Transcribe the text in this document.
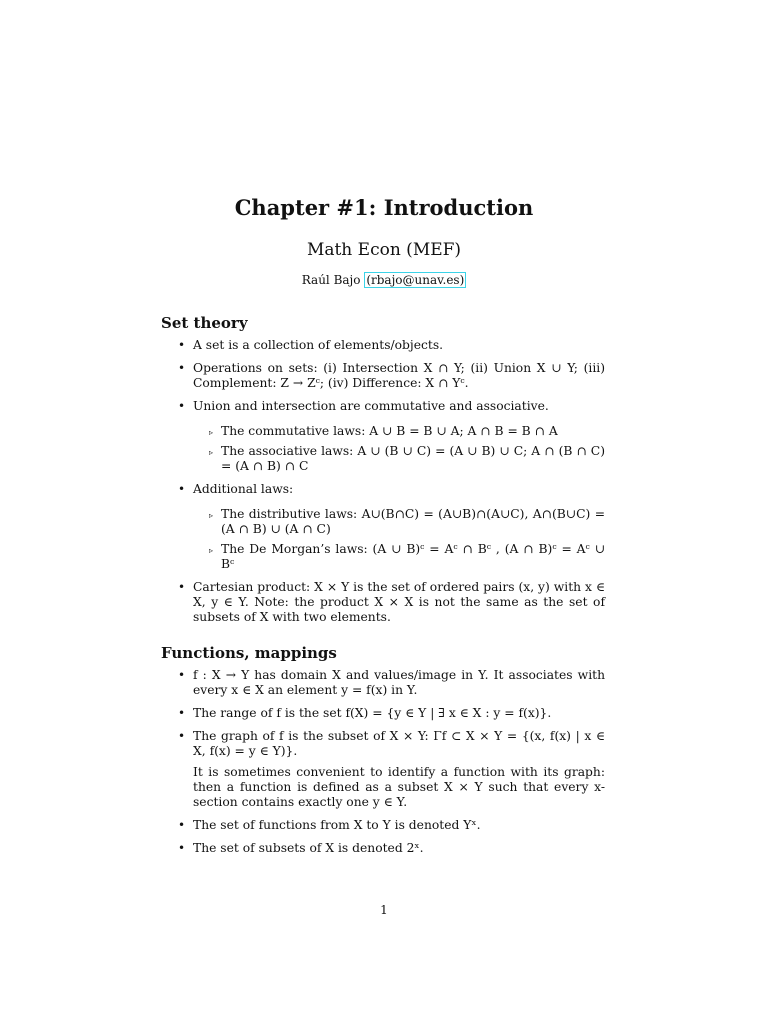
Chapter #1: Introduction
Math Econ (MEF)
Raúl Bajo (rbajo@unav.es)
Set theory
• A set is a collection of elements/objects.
• Operations on sets: (i) Intersection X ∩ Y; (ii) Union X ∪ Y; (iii) Complement: Z → Zᶜ; (iv) Difference: X ∩ Yᶜ.
• Union and intersection are commutative and associative.
▹ The commutative laws: A ∪ B = B ∪ A; A ∩ B = B ∩ A
▹ The associative laws: A ∪ (B ∪ C) = (A ∪ B) ∪ C; A ∩ (B ∩ C) = (A ∩ B) ∩ C
• Additional laws:
▹ The distributive laws: A∪(B∩C) = (A∪B)∩(A∪C), A∩(B∪C) = (A ∩ B) ∪ (A ∩ C)
▹ The De Morgan’s laws: (A ∪ B)ᶜ = Aᶜ ∩ Bᶜ , (A ∩ B)ᶜ = Aᶜ ∪ Bᶜ
• Cartesian product: X × Y is the set of ordered pairs (x, y) with x ∈ X, y ∈ Y. Note: the product X × X is not the same as the set of subsets of X with two elements.
Functions, mappings
• f : X → Y has domain X and values/image in Y. It associates with every x ∈ X an element y = f(x) in Y.
• The range of f is the set f(X) = {y ∈ Y | ∃ x ∈ X : y = f(x)}.
• The graph of f is the subset of X × Y: Γf ⊂ X × Y = {(x, f(x) | x ∈ X, f(x) = y ∈ Y)}.
It is sometimes convenient to identify a function with its graph: then a function is defined as a subset X × Y such that every x-section contains exactly one y ∈ Y.
• The set of functions from X to Y is denoted Yˣ.
• The set of subsets of X is denoted 2ˣ.
1
